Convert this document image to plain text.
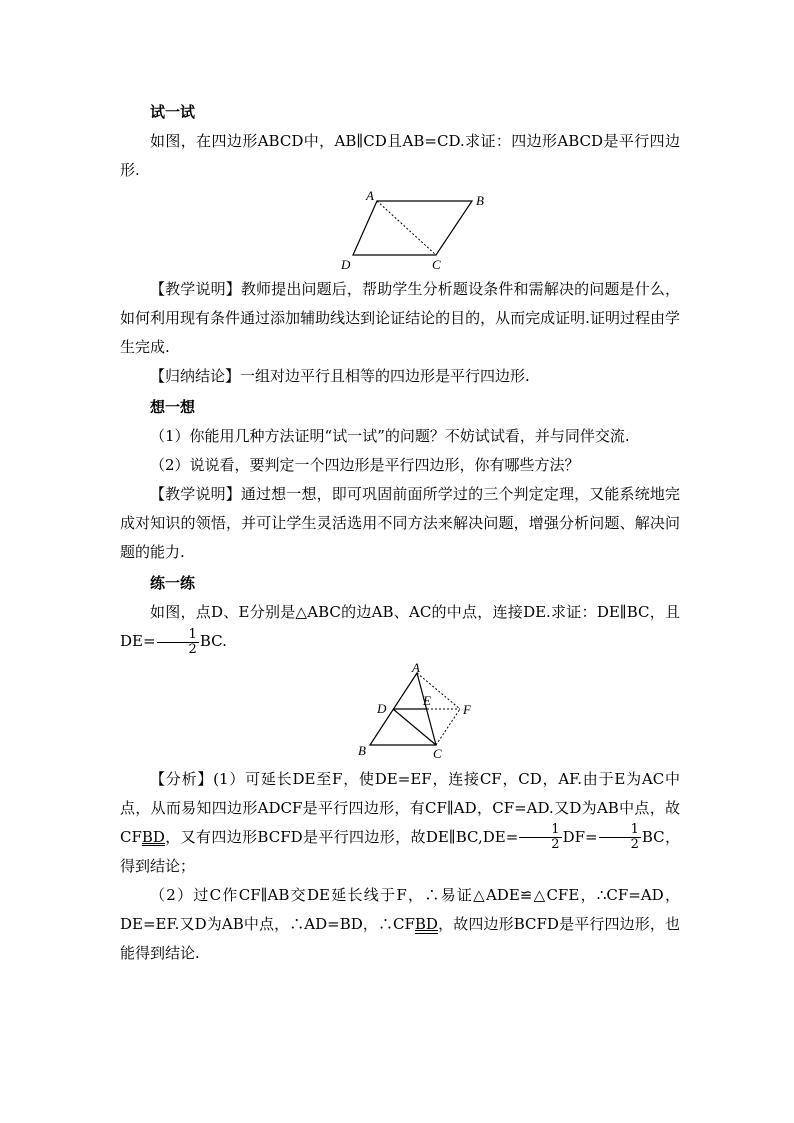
试一试

如图，在四边形ABCD中，AB∥CD且AB=CD.求证：四边形ABCD是平行四边形.

A	B
C
D

【教学说明】教师提出问题后，帮助学生分析题设条件和需解决的问题是什么，如何利用现有条件通过添加辅助线达到论证结论的目的，从而完成证明.证明过程由学生完成.

【归纳结论】一组对边平行且相等的四边形是平行四边形.

想一想

（1）你能用几种方法证明“试一试”的问题？不妨试试看，并与同伴交流.

（2）说说看，要判定一个四边形是平行四边形，你有哪些方法？

【教学说明】通过想一想，即可巩固前面所学过的三个判定定理，又能系统地完成对知识的领悟，并可让学生灵活选用不同方法来解决问题，增强分析问题、解决问题的能力.

练一练

如图，点D、E分别是△ABC的边AB、AC的中点，连接DE.求证：DE∥BC，且$DE= \frac{1}{2}$ BC.

A
B	C
D
E
F

【分析】(1）可延长DE至F，使DE=EF，连接CF，CD，AF.由于E为AC中点，从而易知四边形ADCF是平行四边形，有CF∥AD，CF=AD.又D为AB中点，故CFBD，又有四边形BCFD是平行四边形，故DE∥BC,DE= $\frac{1}{2} DF= \frac{1}{2}$ BC，得到结论；

（2）过C作CF∥AB交DE延长线于F，∴易证△ADE≌△CFE，∴CF=AD，DE=EF.又D为AB中点，∴AD=BD，∴CFBD，故四边形BCFD是平行四边形，也能得到结论.
